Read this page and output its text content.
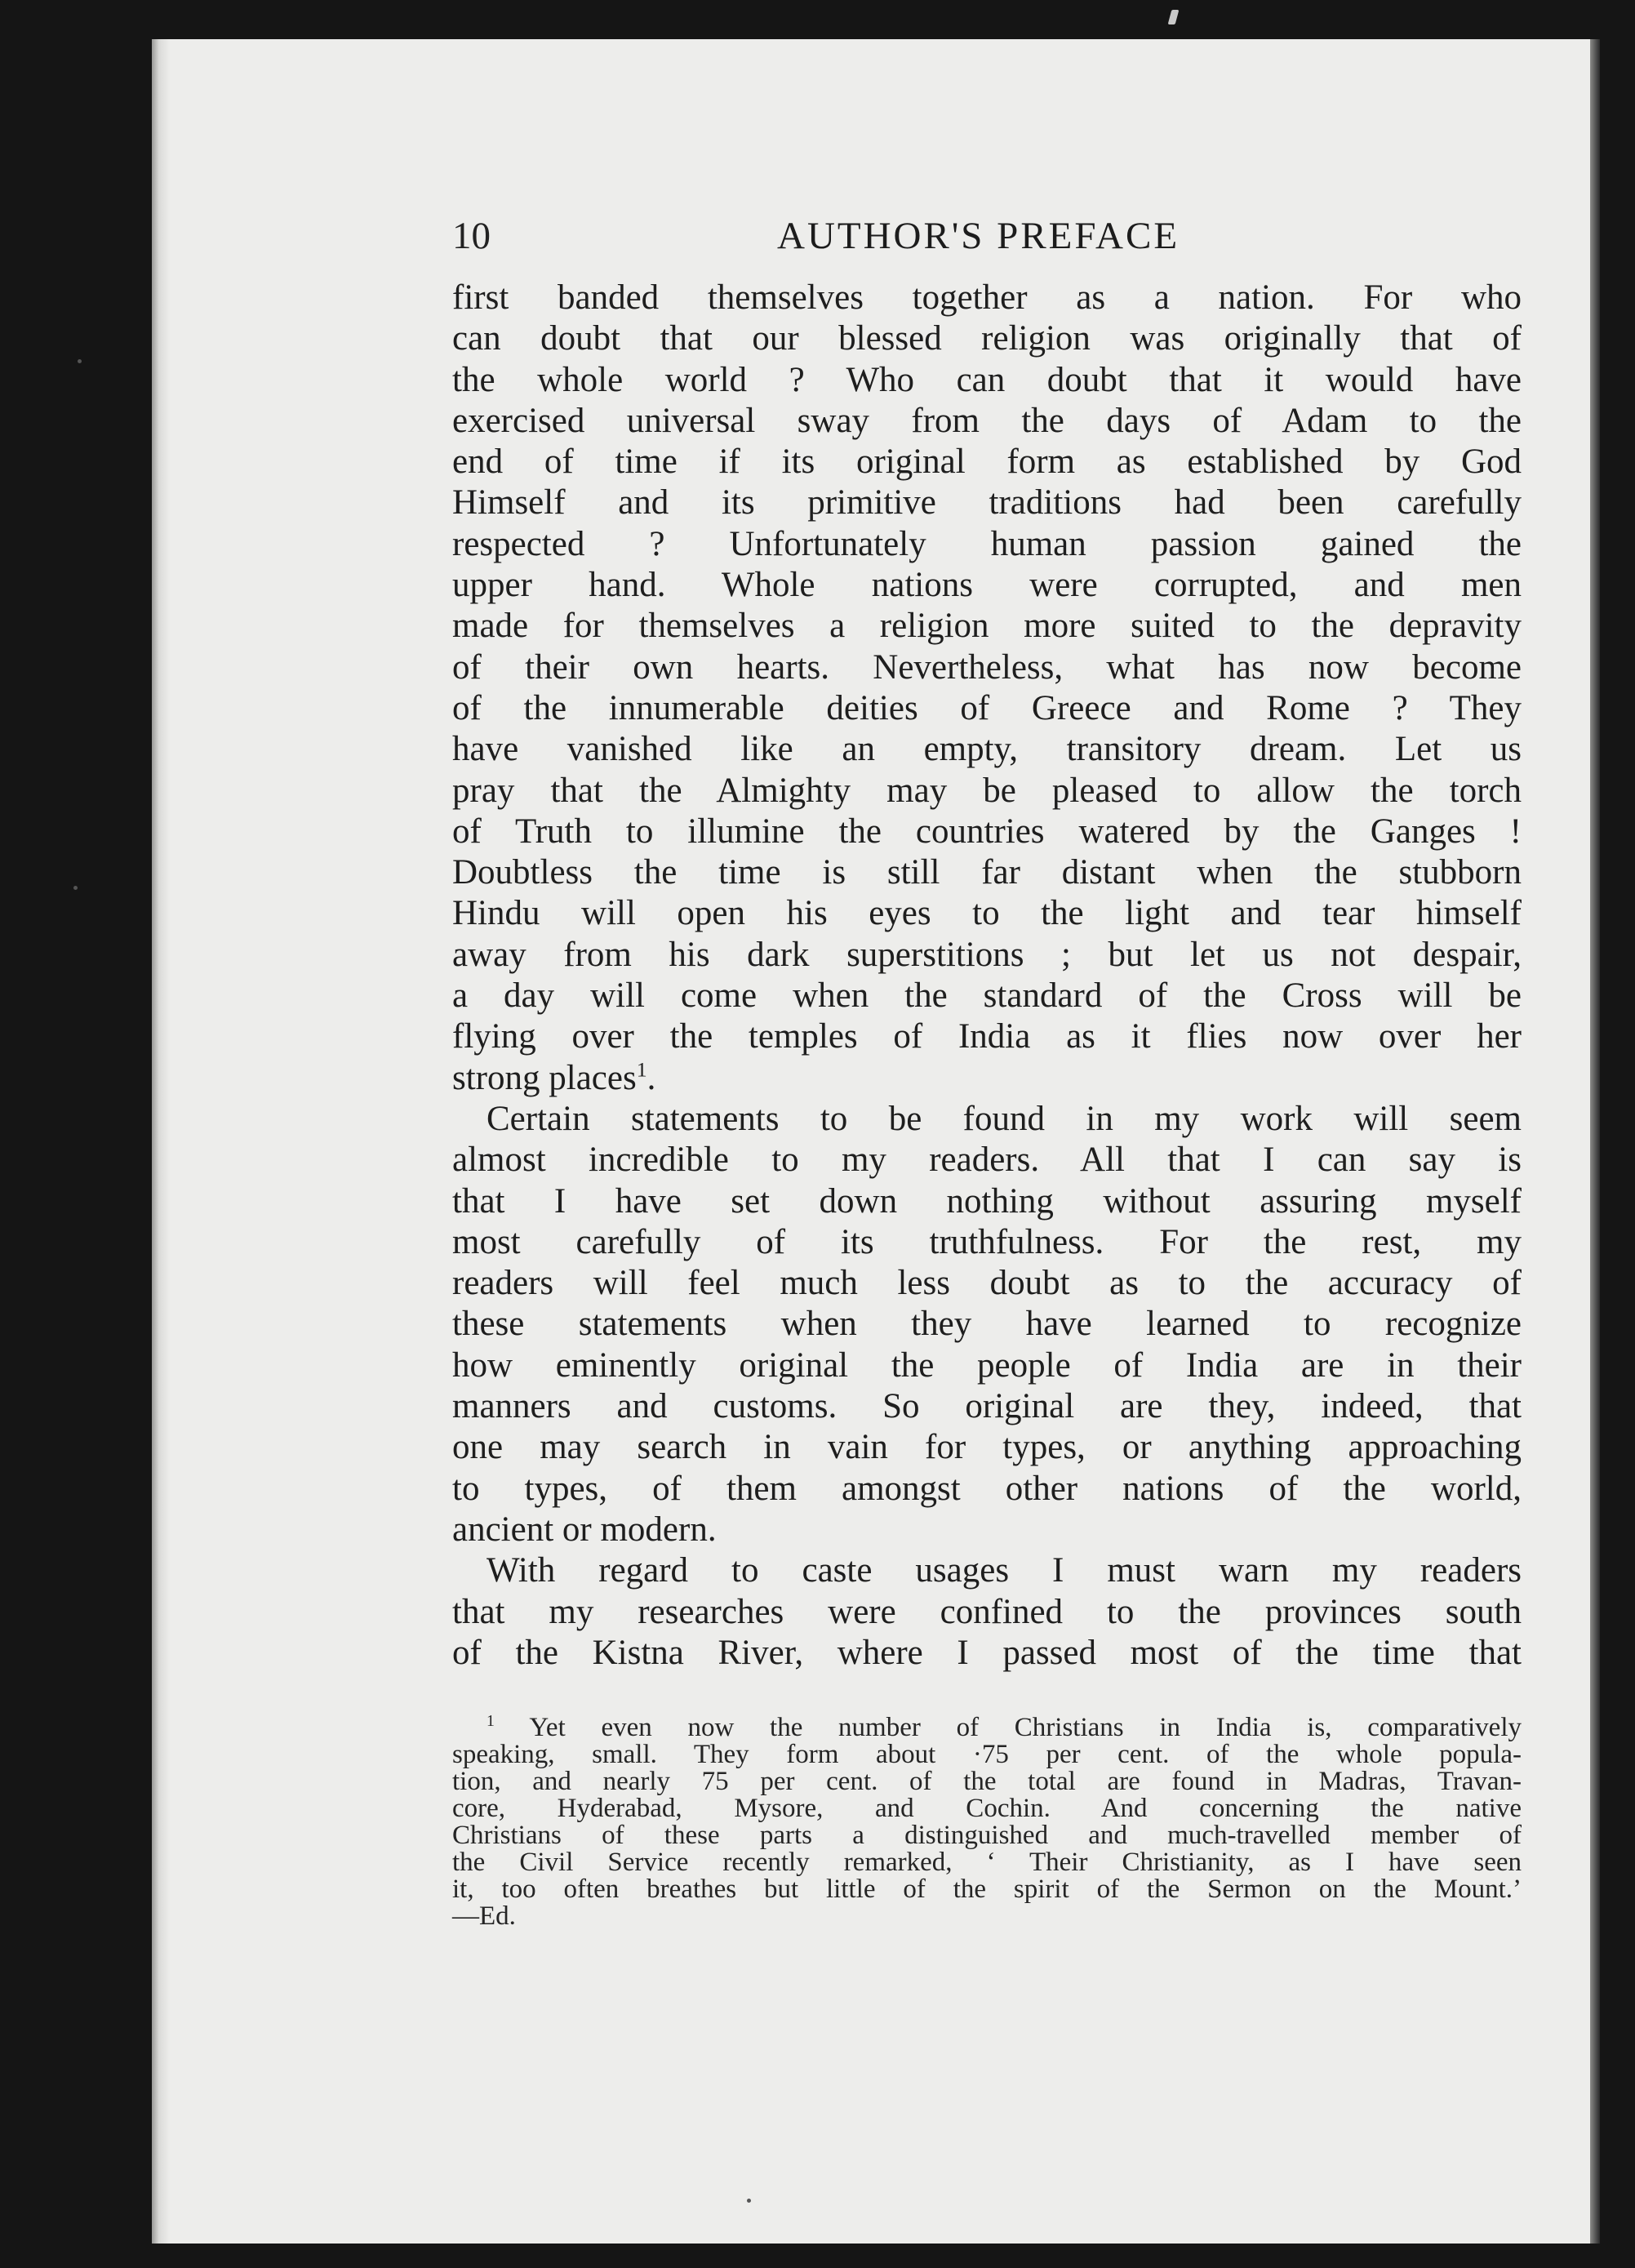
10	AUTHOR'S PREFACE
first banded themselves together as a nation. For who
can doubt that our blessed religion was originally that of
the whole world ? Who can doubt that it would have
exercised universal sway from the days of Adam to the
end of time if its original form as established by God
Himself and its primitive traditions had been carefully
respected ? Unfortunately human passion gained the
upper hand. Whole nations were corrupted, and men
made for themselves a religion more suited to the depravity
of their own hearts. Nevertheless, what has now become
of the innumerable deities of Greece and Rome ? They
have vanished like an empty, transitory dream. Let us
pray that the Almighty may be pleased to allow the torch
of Truth to illumine the countries watered by the Ganges !
Doubtless the time is still far distant when the stubborn
Hindu will open his eyes to the light and tear himself
away from his dark superstitions ; but let us not despair,
a day will come when the standard of the Cross will be
flying over the temples of India as it flies now over her
strong places$^1$.
Certain statements to be found in my work will seem
almost incredible to my readers. All that I can say is
that I have set down nothing without assuring myself
most carefully of its truthfulness. For the rest, my
readers will feel much less doubt as to the accuracy of
these statements when they have learned to recognize
how eminently original the people of India are in their
manners and customs. So original are they, indeed, that
one may search in vain for types, or anything approaching
to types, of them amongst other nations of the world,
ancient or modern.
With regard to caste usages I must warn my readers
that my researches were confined to the provinces south
of the Kistna River, where I passed most of the time that
$^1$ Yet even now the number of Christians in India is, comparatively
speaking, small. They form about ·75 per cent. of the whole popula-
tion, and nearly 75 per cent. of the total are found in Madras, Travan-
core, Hyderabad, Mysore, and Cochin. And concerning the native
Christians of these parts a distinguished and much-travelled member of
the Civil Service recently remarked, ‘ Their Christianity, as I have seen
it, too often breathes but little of the spirit of the Sermon on the Mount.’
—Ed.
